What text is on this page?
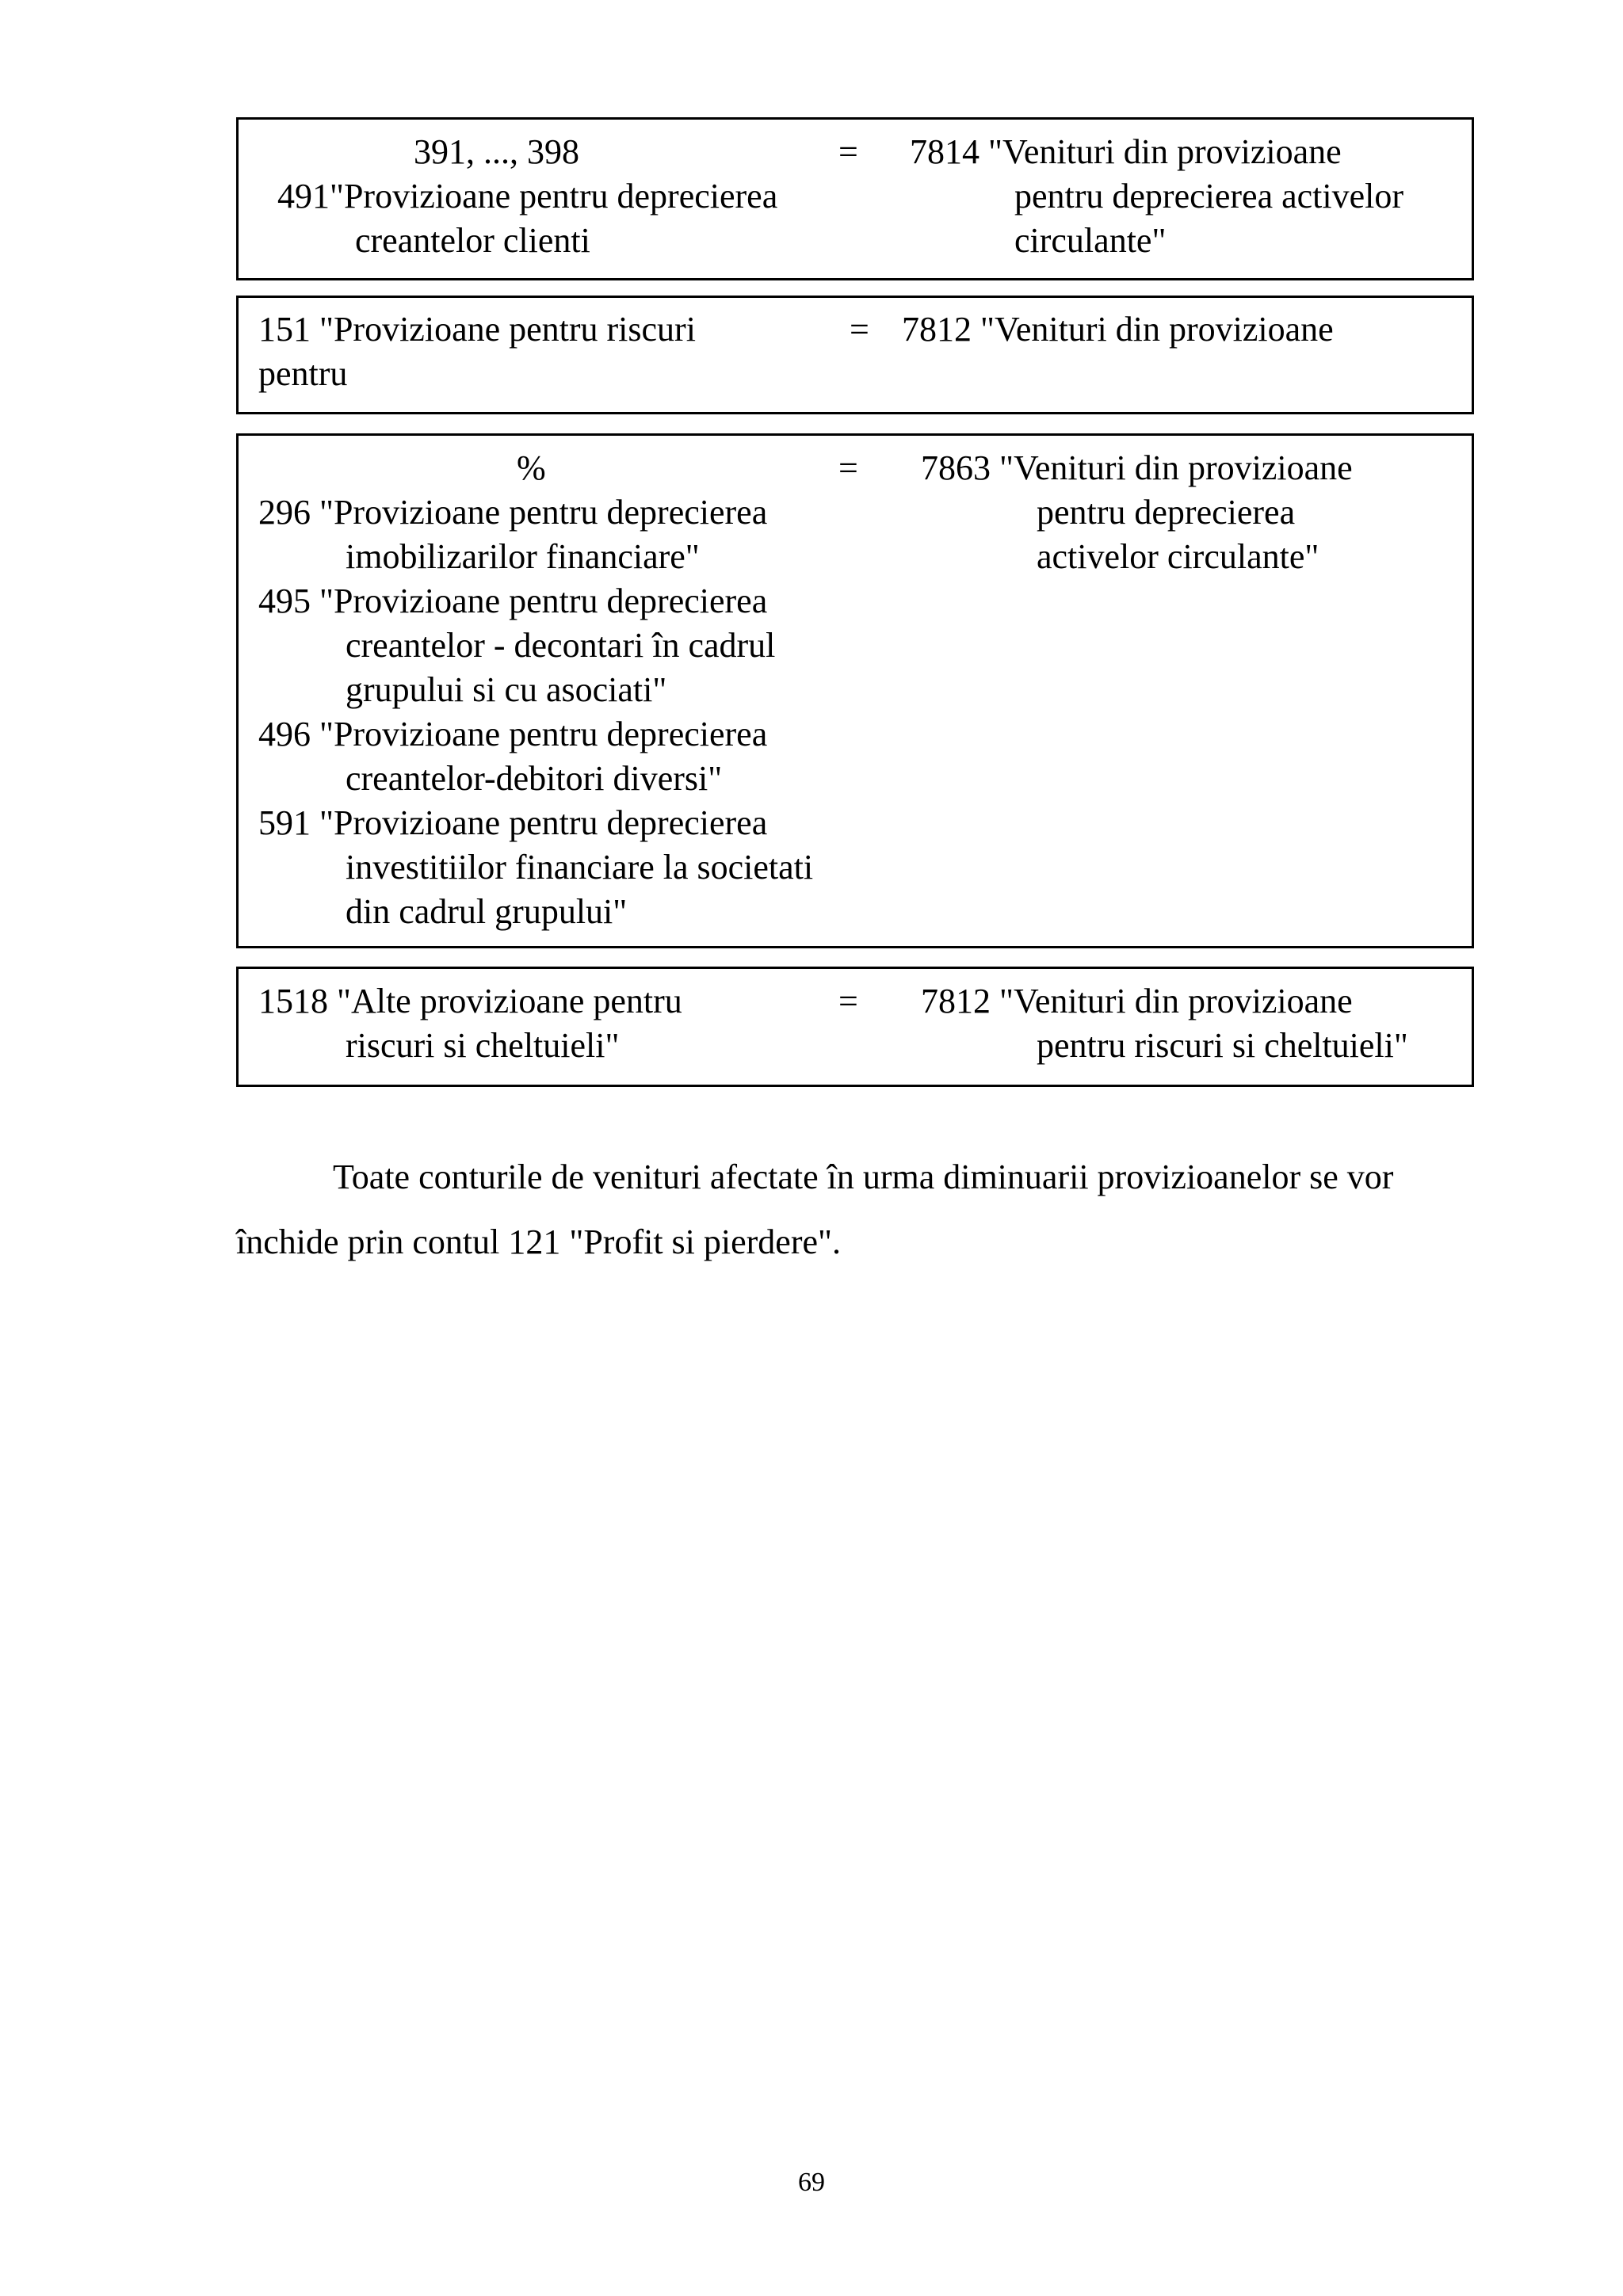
391, ..., 398
491"Provizioane pentru deprecierea
creantelor clienti
= 7814 "Venituri din provizioane
pentru deprecierea activelor
circulante"
151 "Provizioane pentru riscuri
pentru
= 7812 "Venituri din provizioane
%
296 "Provizioane pentru deprecierea
imobilizarilor financiare"
495 "Provizioane pentru deprecierea
creantelor - decontari în cadrul
grupului si cu asociati"
496 "Provizioane pentru deprecierea
creantelor-debitori diversi"
591 "Provizioane pentru deprecierea
investitiilor financiare la societati
din cadrul grupului"
= 7863 "Venituri din provizioane
pentru deprecierea
activelor circulante"
1518 "Alte provizioane pentru
riscuri si cheltuieli"
= 7812 "Venituri din provizioane
pentru riscuri si cheltuieli"
Toate conturile de venituri afectate în urma diminuarii provizioanelor se vor
închide prin contul 121 "Profit si pierdere".
69
